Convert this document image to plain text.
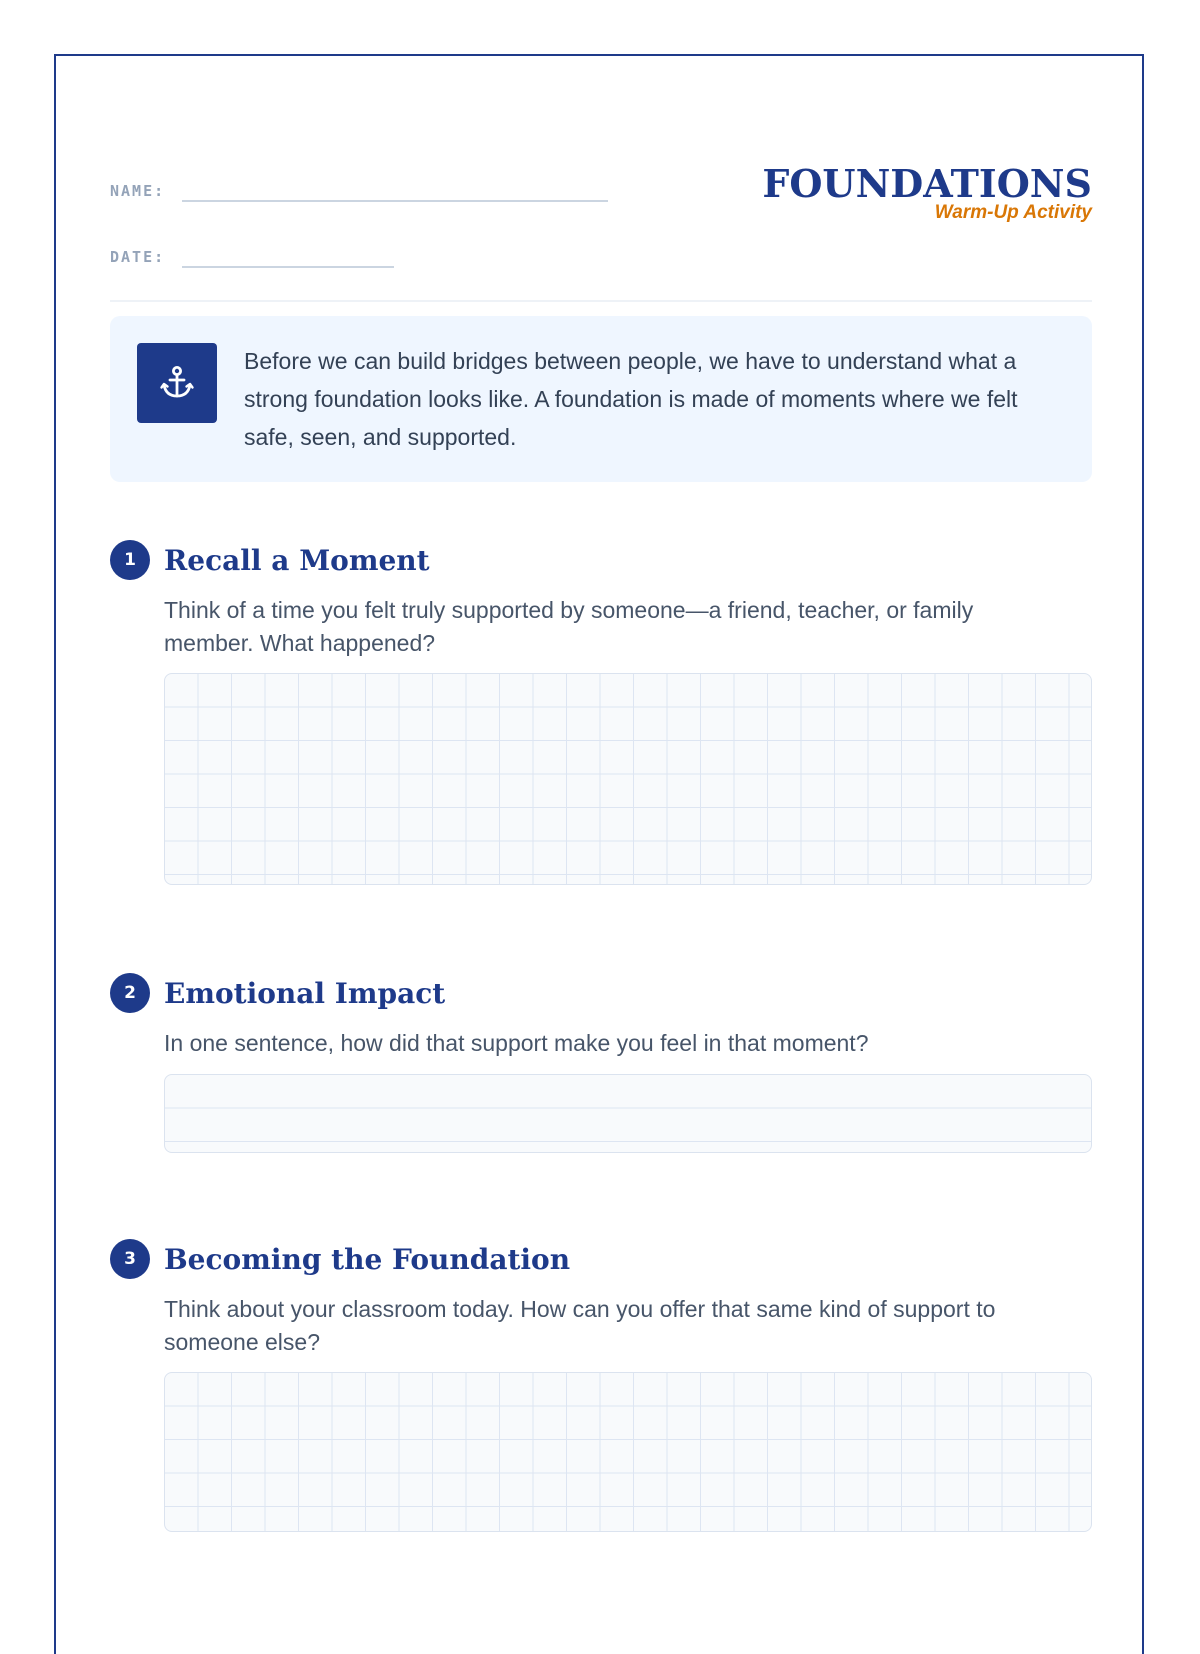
NAME:
DATE:
FOUNDATIONS
Warm-Up Activity
Before we can build bridges between people, we have to understand what a strong foundation looks like. A foundation is made of moments where we felt safe, seen, and supported.
1	Recall a Moment
Think of a time you felt truly supported by someone—a friend, teacher, or family member. What happened?
2	Emotional Impact
In one sentence, how did that support make you feel in that moment?
3	Becoming the Foundation
Think about your classroom today. How can you offer that same kind of support to someone else?
